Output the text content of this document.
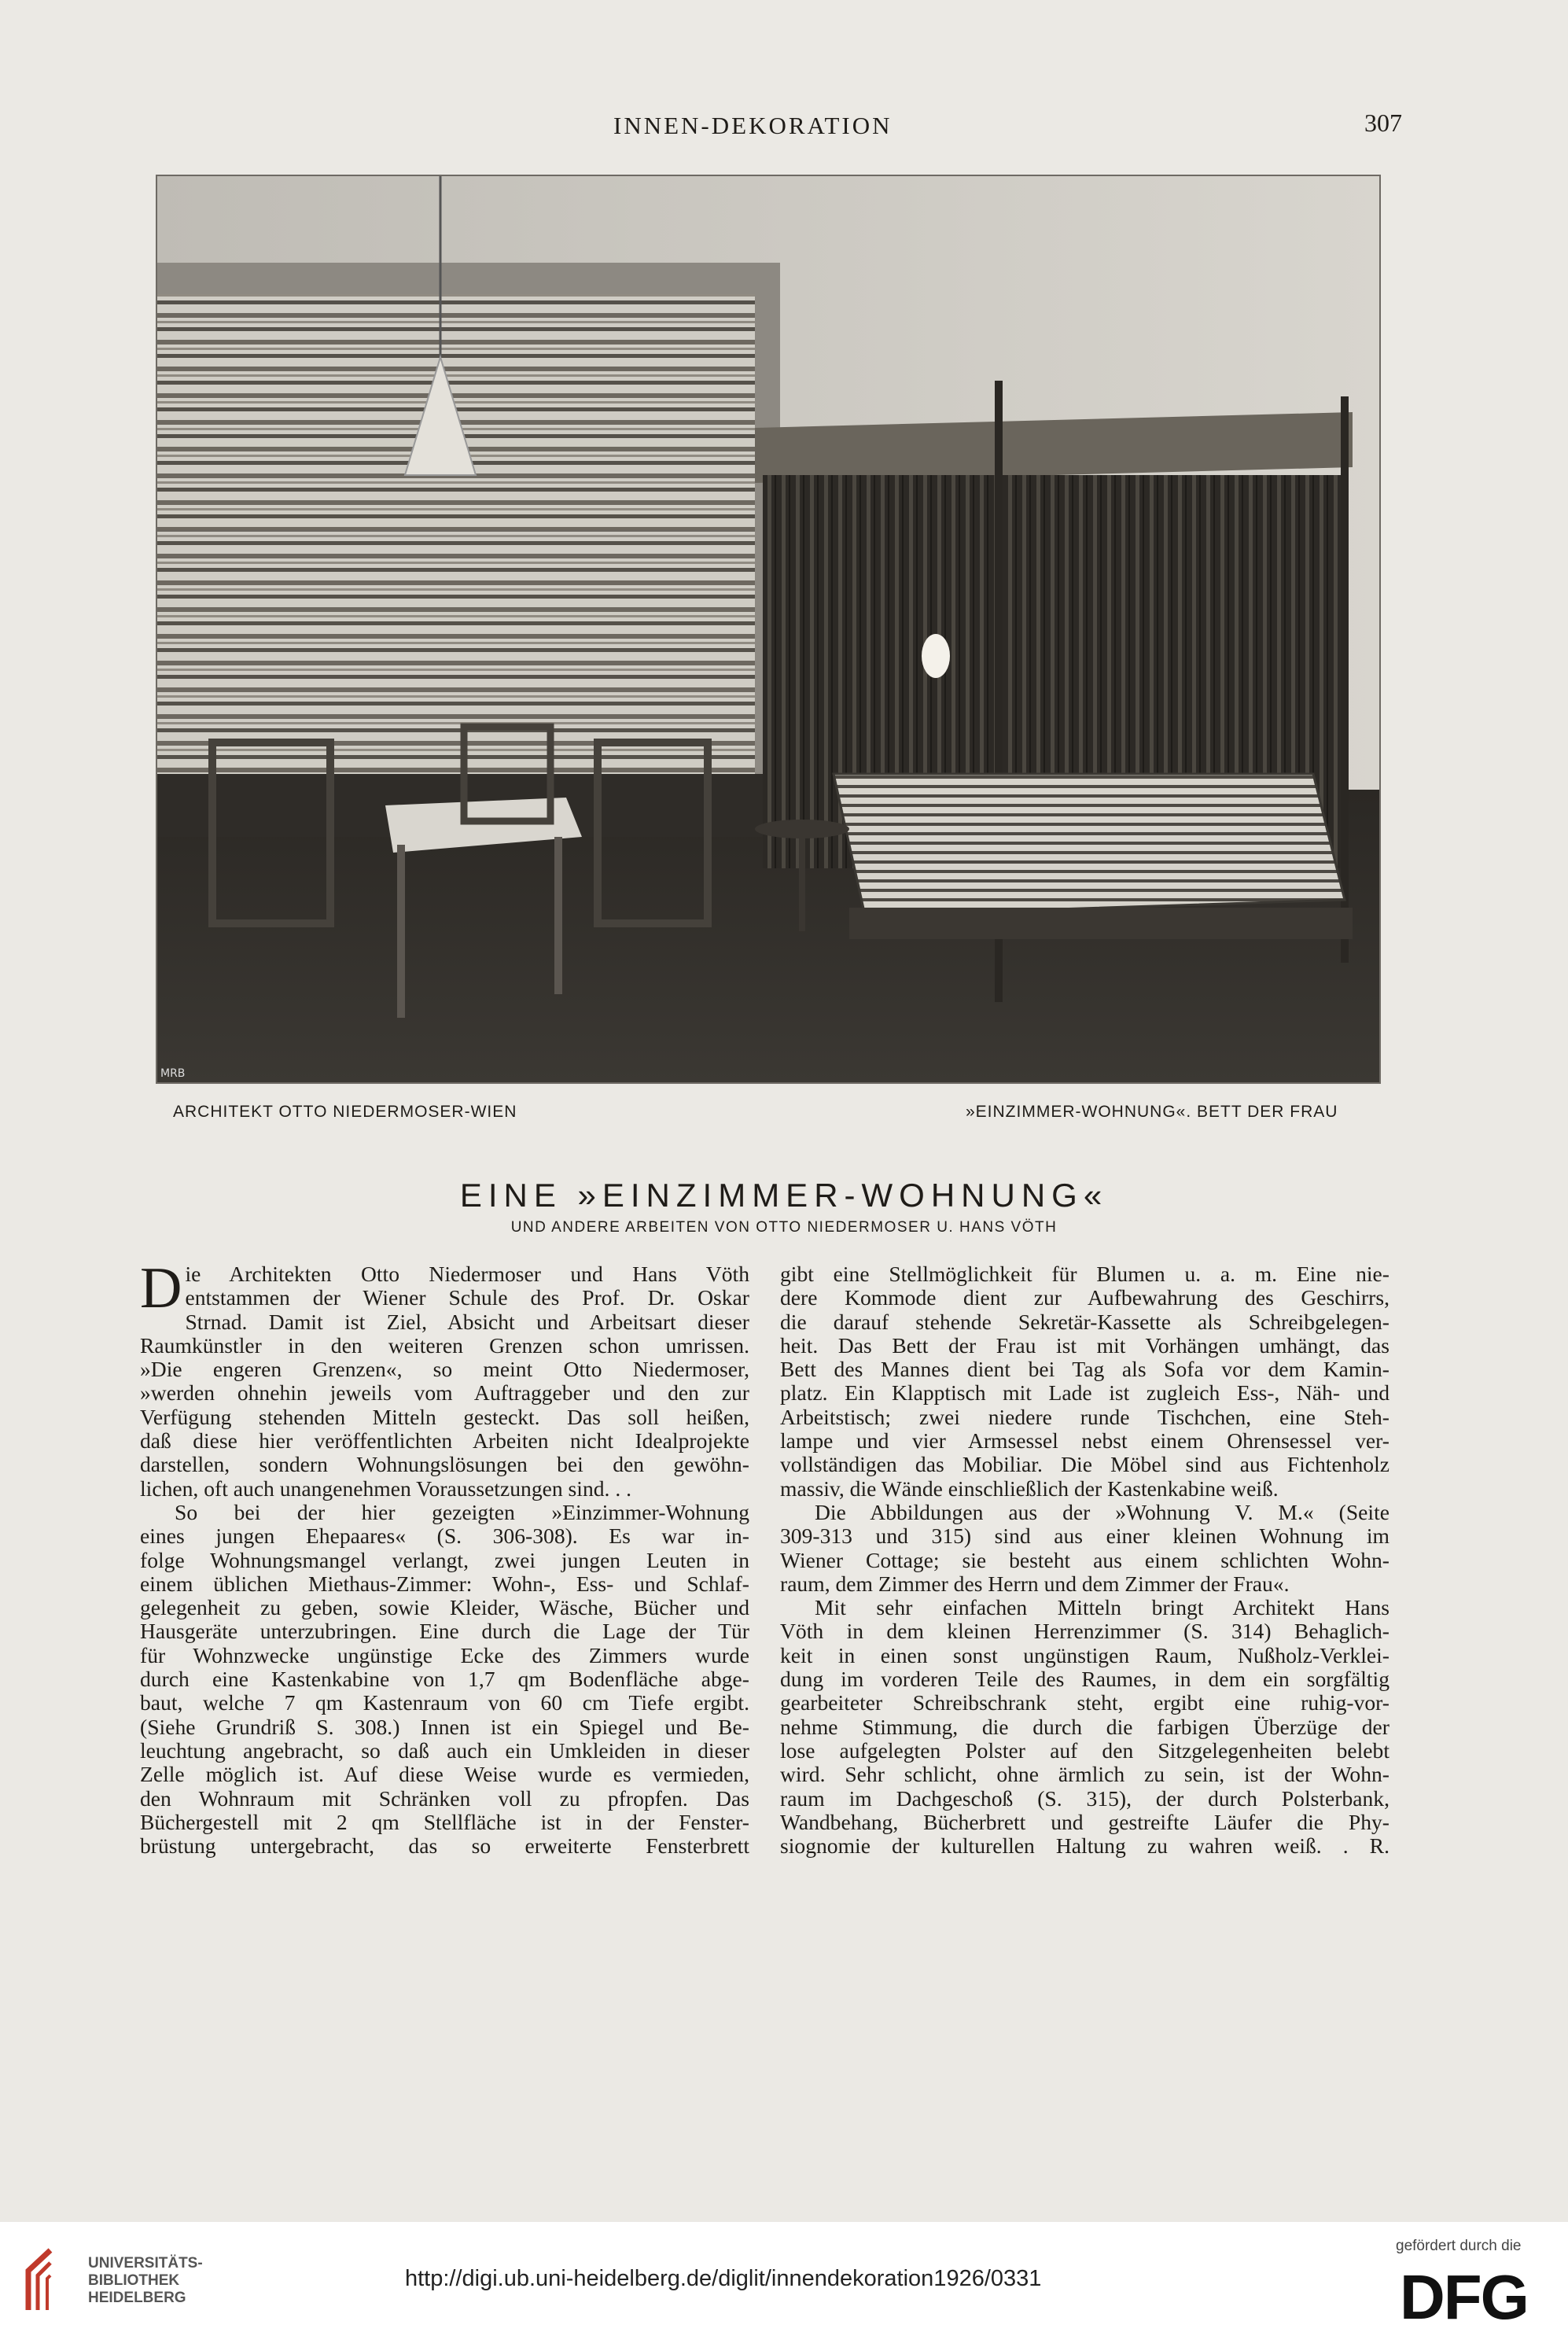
INNEN-DEKORATION	307
MRB
ARCHITEKT OTTO NIEDERMOSER-WIEN	»EINZIMMER-WOHNUNG«. BETT DER FRAU
EINE »EINZIMMER-WOHNUNG«
UND ANDERE ARBEITEN VON OTTO NIEDERMOSER U. HANS VÖTH
D ie Architekten Otto Niedermoser und Hans Vöth
entstammen der Wiener Schule des Prof. Dr. Oskar
Strnad. Damit ist Ziel, Absicht und Arbeitsart dieser
Raumkünstler in den weiteren Grenzen schon umrissen.
»Die engeren Grenzen«, so meint Otto Niedermoser,
»werden ohnehin jeweils vom Auftraggeber und den zur
Verfügung stehenden Mitteln gesteckt. Das soll heißen,
daß diese hier veröffentlichten Arbeiten nicht Idealprojekte
darstellen, sondern Wohnungslösungen bei den gewöhn-
lichen, oft auch unangenehmen Voraussetzungen sind. . .
So bei der hier gezeigten »Einzimmer-Wohnung
eines jungen Ehepaares« (S. 306-308). Es war in-
folge Wohnungsmangel verlangt, zwei jungen Leuten in
einem üblichen Miethaus-Zimmer: Wohn-, Ess- und Schlaf-
gelegenheit zu geben, sowie Kleider, Wäsche, Bücher und
Hausgeräte unterzubringen. Eine durch die Lage der Tür
für Wohnzwecke ungünstige Ecke des Zimmers wurde
durch eine Kastenkabine von 1,7 qm Bodenfläche abge-
baut, welche 7 qm Kastenraum von 60 cm Tiefe ergibt.
(Siehe Grundriß S. 308.) Innen ist ein Spiegel und Be-
leuchtung angebracht, so daß auch ein Umkleiden in dieser
Zelle möglich ist. Auf diese Weise wurde es vermieden,
den Wohnraum mit Schränken voll zu pfropfen. Das
Büchergestell mit 2 qm Stellfläche ist in der Fenster-
brüstung untergebracht, das so erweiterte Fensterbrett
gibt eine Stellmöglichkeit für Blumen u. a. m. Eine nie-
dere Kommode dient zur Aufbewahrung des Geschirrs,
die darauf stehende Sekretär-Kassette als Schreibgelegen-
heit. Das Bett der Frau ist mit Vorhängen umhängt, das
Bett des Mannes dient bei Tag als Sofa vor dem Kamin-
platz. Ein Klapptisch mit Lade ist zugleich Ess-, Näh- und
Arbeitstisch; zwei niedere runde Tischchen, eine Steh-
lampe und vier Armsessel nebst einem Ohrensessel ver-
vollständigen das Mobiliar. Die Möbel sind aus Fichtenholz
massiv, die Wände einschließlich der Kastenkabine weiß.
Die Abbildungen aus der »Wohnung V. M.« (Seite
309-313 und 315) sind aus einer kleinen Wohnung im
Wiener Cottage; sie besteht aus einem schlichten Wohn-
raum, dem Zimmer des Herrn und dem Zimmer der Frau«.
Mit sehr einfachen Mitteln bringt Architekt Hans
Vöth in dem kleinen Herrenzimmer (S. 314) Behaglich-
keit in einen sonst ungünstigen Raum, Nußholz-Verklei-
dung im vorderen Teile des Raumes, in dem ein sorgfältig
gearbeiteter Schreibschrank steht, ergibt eine ruhig-vor-
nehme Stimmung, die durch die farbigen Überzüge der
lose aufgelegten Polster auf den Sitzgelegenheiten belebt
wird. Sehr schlicht, ohne ärmlich zu sein, ist der Wohn-
raum im Dachgeschoß (S. 315), der durch Polsterbank,
Wandbehang, Bücherbrett und gestreifte Läufer die Phy-
siognomie der kulturellen Haltung zu wahren weiß. . R.
UNIVERSITÄTS-
BIBLIOTHEK
HEIDELBERG
http://digi.ub.uni-heidelberg.de/diglit/innendekoration1926/0331
gefördert durch die
DFG
